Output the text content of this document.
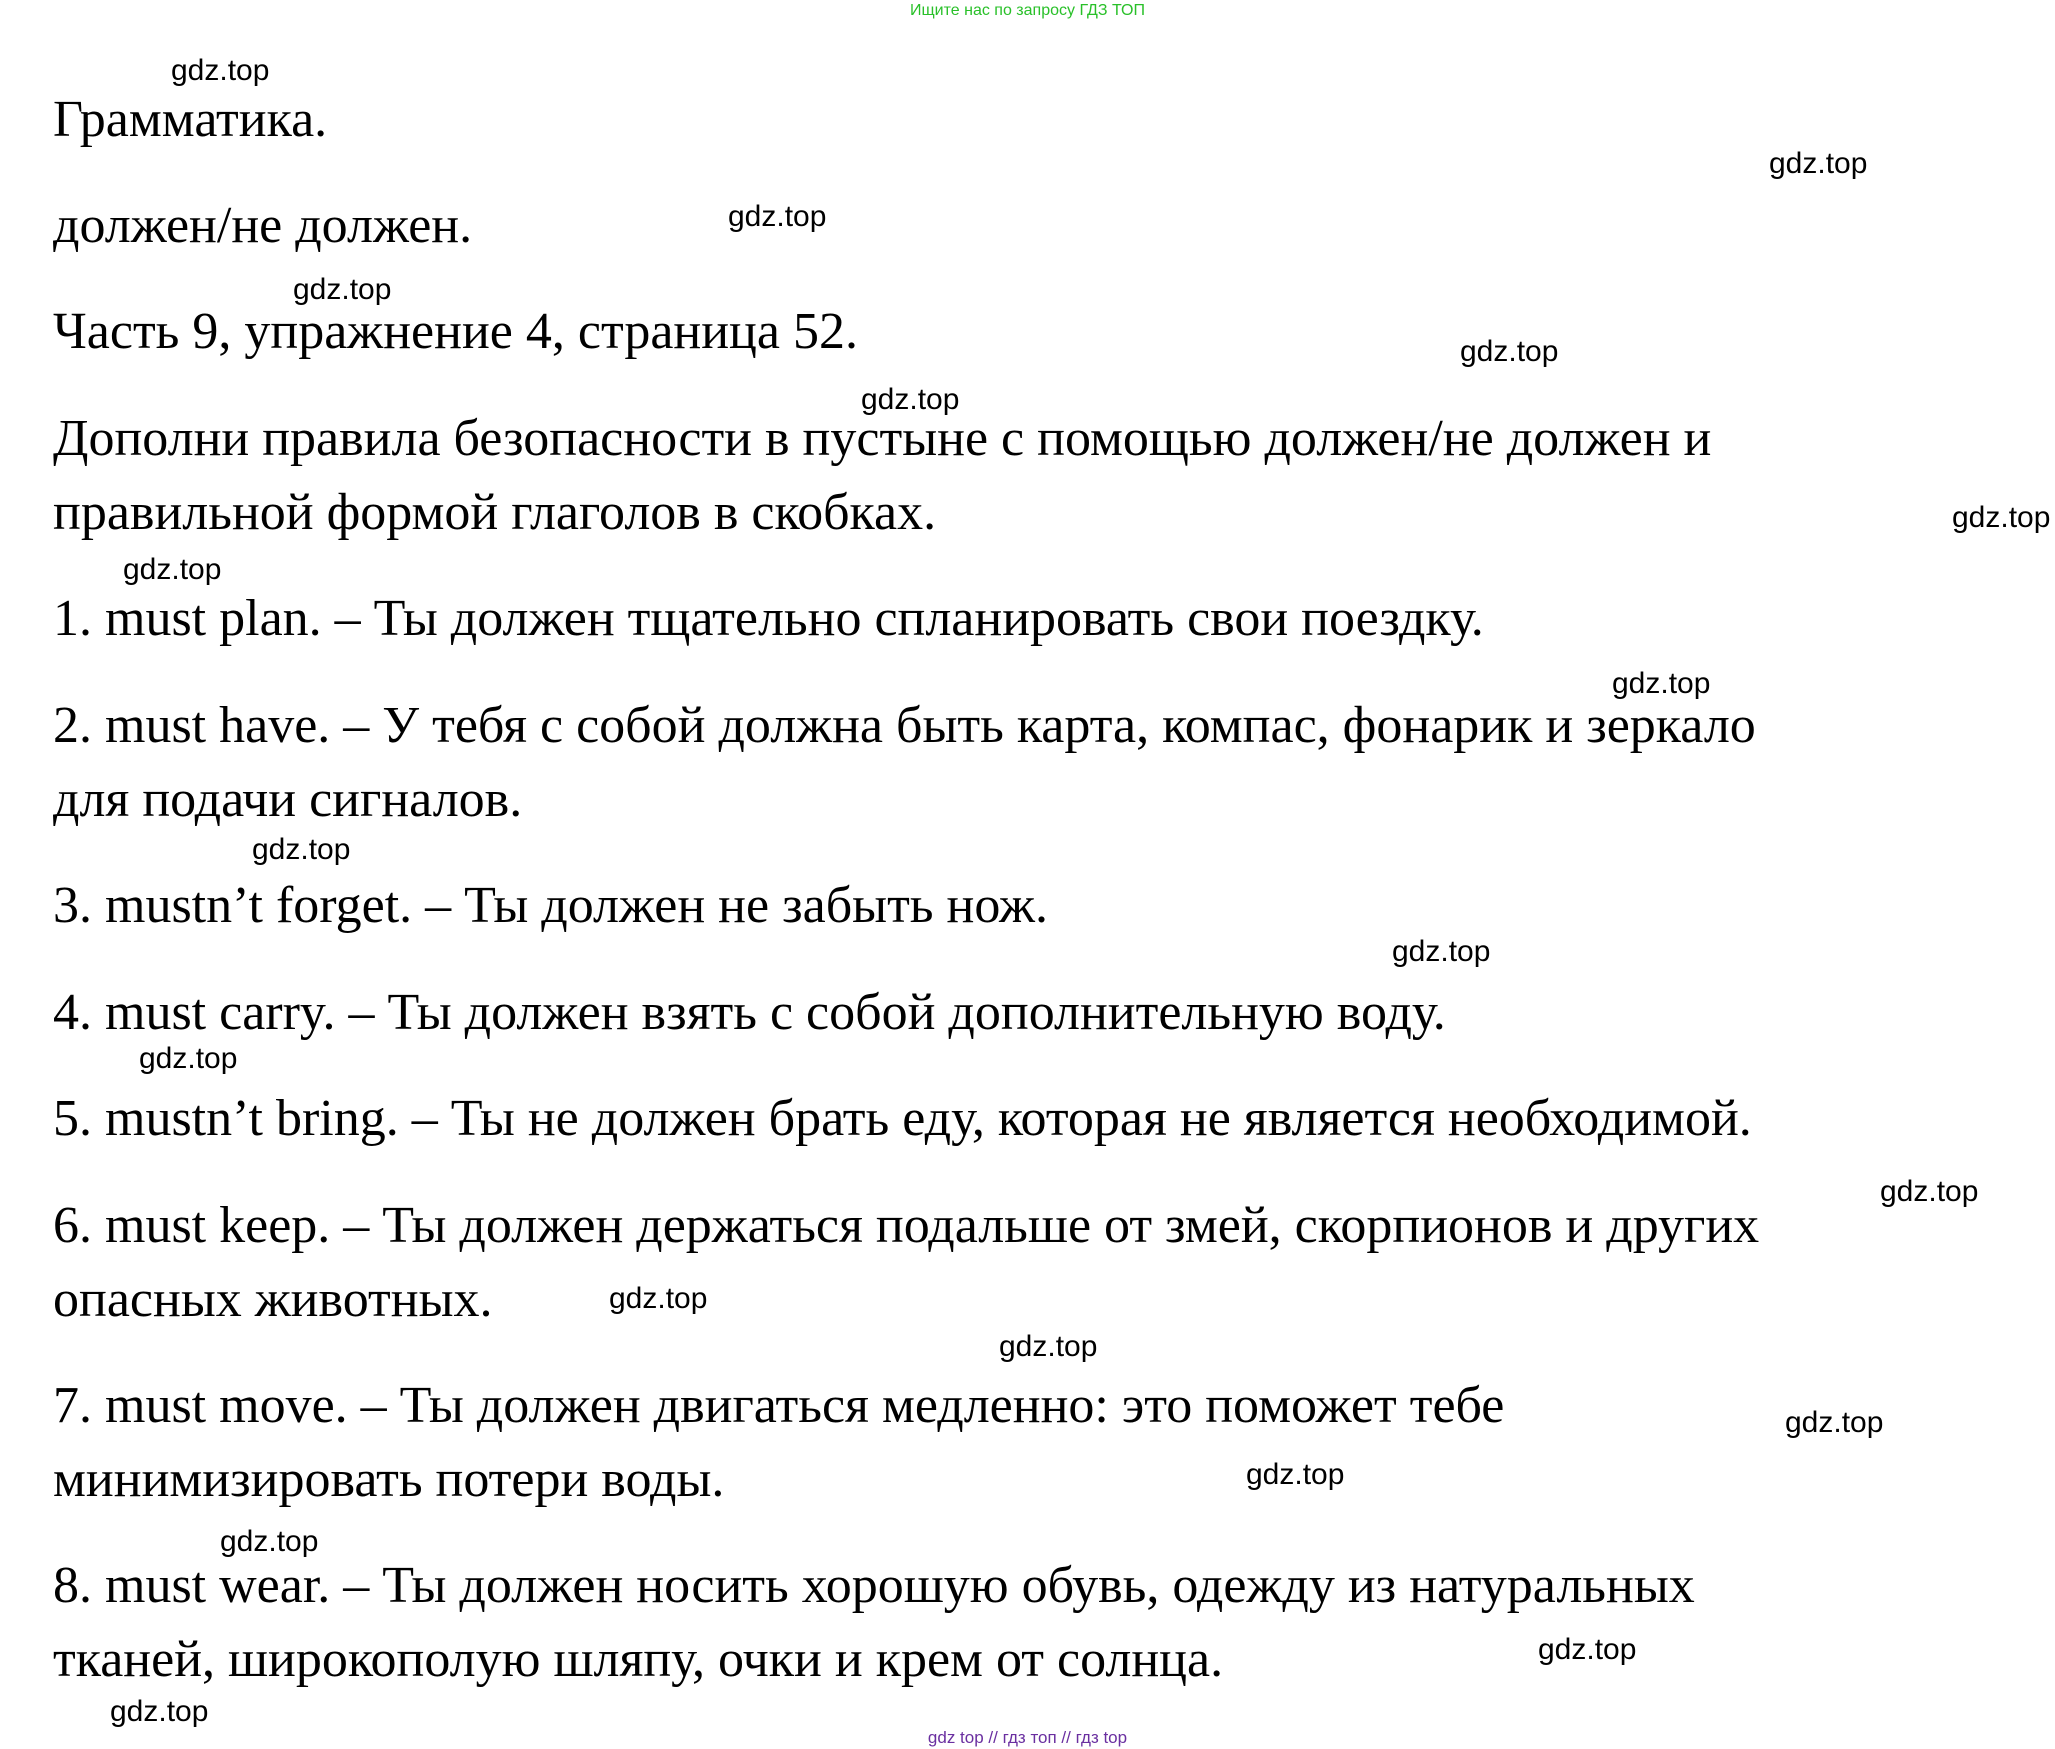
Ищите нас по запросу ГДЗ ТОП
Грамматика.
должен/не должен.
Часть 9, упражнение 4, страница 52.
Дополни правила безопасности в пустыне с помощью должен/не должен и
правильной формой глаголов в скобках.
1. must plan. – Ты должен тщательно спланировать свои поездку.
2. must have. – У тебя с собой должна быть карта, компас, фонарик и зеркало
для подачи сигналов.
3. mustn’t forget. – Ты должен не забыть нож.
4. must carry. – Ты должен взять с собой дополнительную воду.
5. mustn’t bring. – Ты не должен брать еду, которая не является необходимой.
6. must keep. – Ты должен держаться подальше от змей, скорпионов и других
опасных животных.
7. must move. – Ты должен двигаться медленно: это поможет тебе
минимизировать потери воды.
8. must wear. – Ты должен носить хорошую обувь, одежду из натуральных
тканей, широкополую шляпу, очки и крем от солнца.
gdz.top
gdz.top
gdz.top
gdz.top
gdz.top
gdz.top
gdz.top
gdz.top
gdz.top
gdz.top
gdz.top
gdz.top
gdz.top
gdz.top
gdz.top
gdz.top
gdz.top
gdz.top
gdz.top
gdz.top
gdz top // гдз топ // гдз top
